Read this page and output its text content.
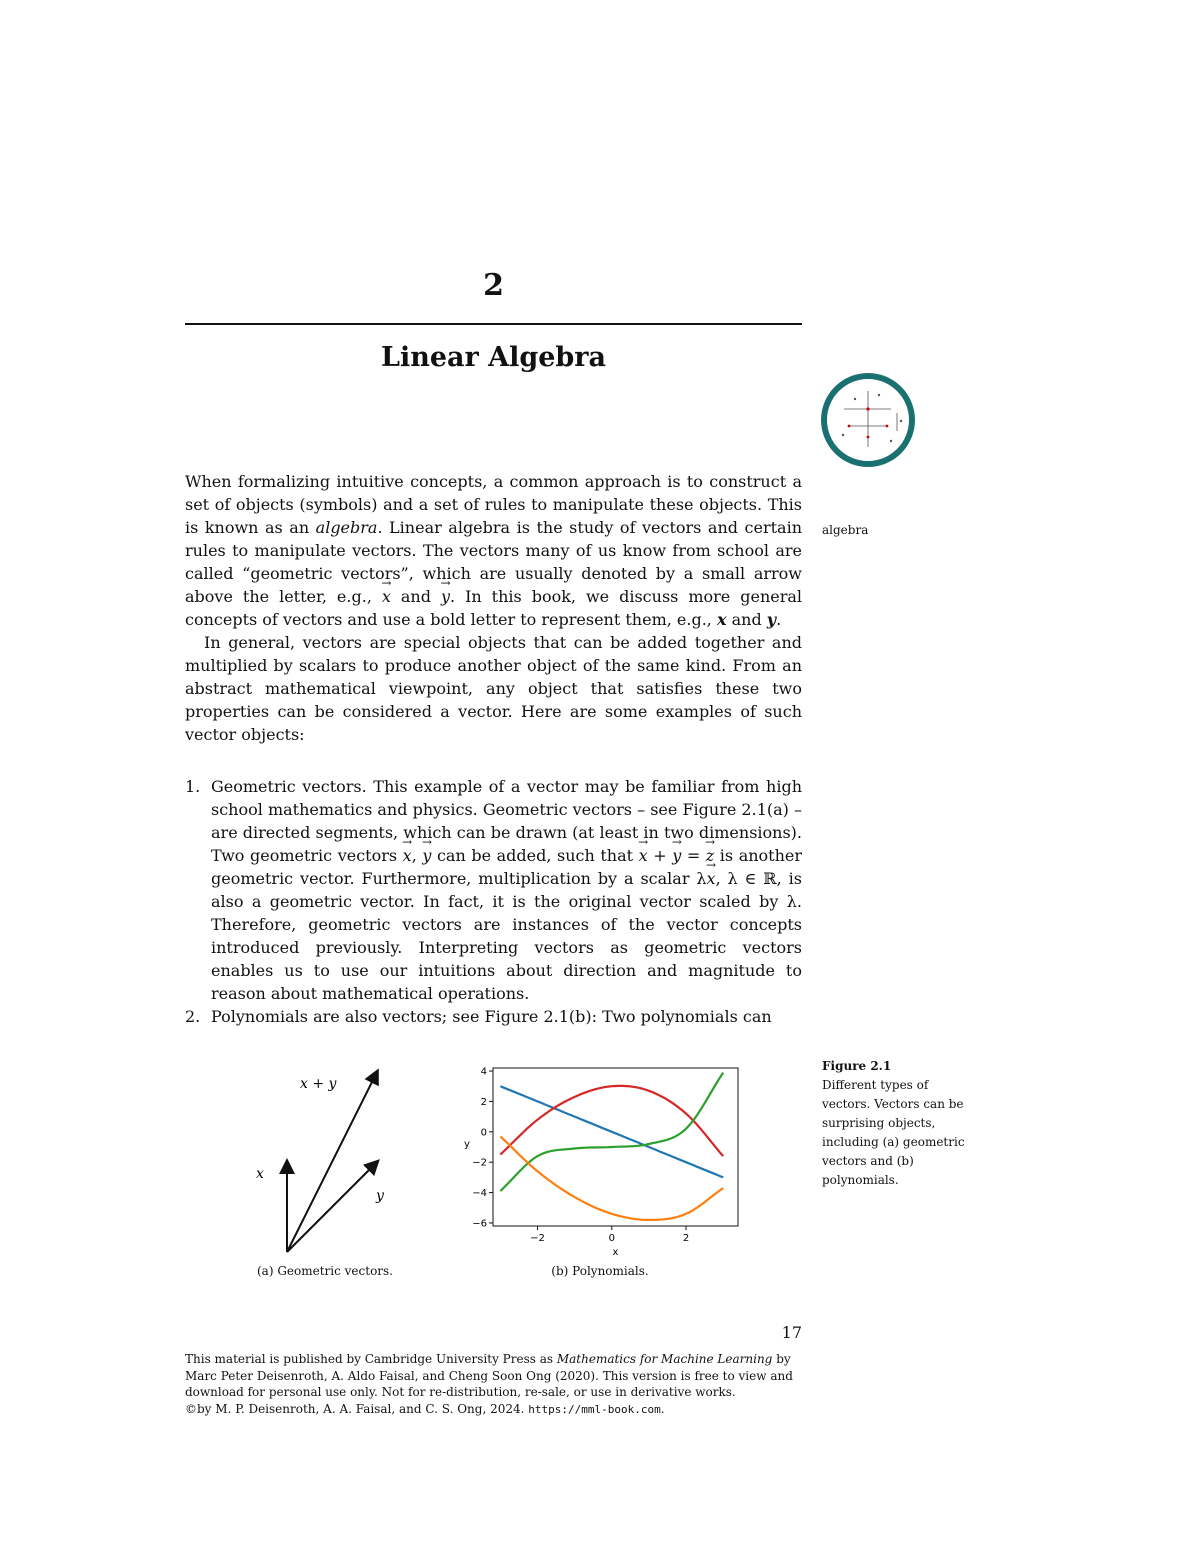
2
Linear Algebra

When formalizing intuitive concepts, a common approach is to construct a set of objects (symbols) and a set of rules to manipulate these objects. This is known as an algebra. Linear algebra is the study of vectors and certain rules to manipulate vectors. The vectors many of us know from school are called “geometric vectors”, which are usually denoted by a small arrow above the letter, e.g., → x and → y. In this book, we discuss more general concepts of vectors and use a bold letter to represent them, e.g., x and y.

In general, vectors are special objects that can be added together and multiplied by scalars to produce another object of the same kind. From an abstract mathematical viewpoint, any object that satisfies these two properties can be considered a vector. Here are some examples of such vector objects:

1. Geometric vectors. This example of a vector may be familiar from high school mathematics and physics. Geometric vectors – see Figure 2.1(a) – are directed segments, which can be drawn (at least in two dimensions). Two geometric vectors → x, → y can be added, such that → x + → y = → z is another geometric vector. Furthermore, multiplication by a scalar λ→ x, λ ∈ ℝ, is also a geometric vector. In fact, it is the original vector scaled by λ. Therefore, geometric vectors are instances of the vector concepts introduced previously. Interpreting vectors as geometric vectors enables us to use our intuitions about direction and magnitude to reason about mathematical operations.
2. Polynomials are also vectors; see Figure 2.1(b): Two polynomials can
algebra
x + y
x
y
(a) Geometric vectors.
−2	0	2
−6
−4
−2
0
2
4
x
y
(b) Polynomials.
Figure 2.1
Different types of vectors. Vectors can be surprising objects, including (a) geometric vectors and (b) polynomials.
17

This material is published by Cambridge University Press as Mathematics for Machine Learning by Marc Peter Deisenroth, A. Aldo Faisal, and Cheng Soon Ong (2020). This version is free to view and download for personal use only. Not for re-distribution, re-sale, or use in derivative works.

©by M. P. Deisenroth, A. A. Faisal, and C. S. Ong, 2024. https://mml-book.com.
